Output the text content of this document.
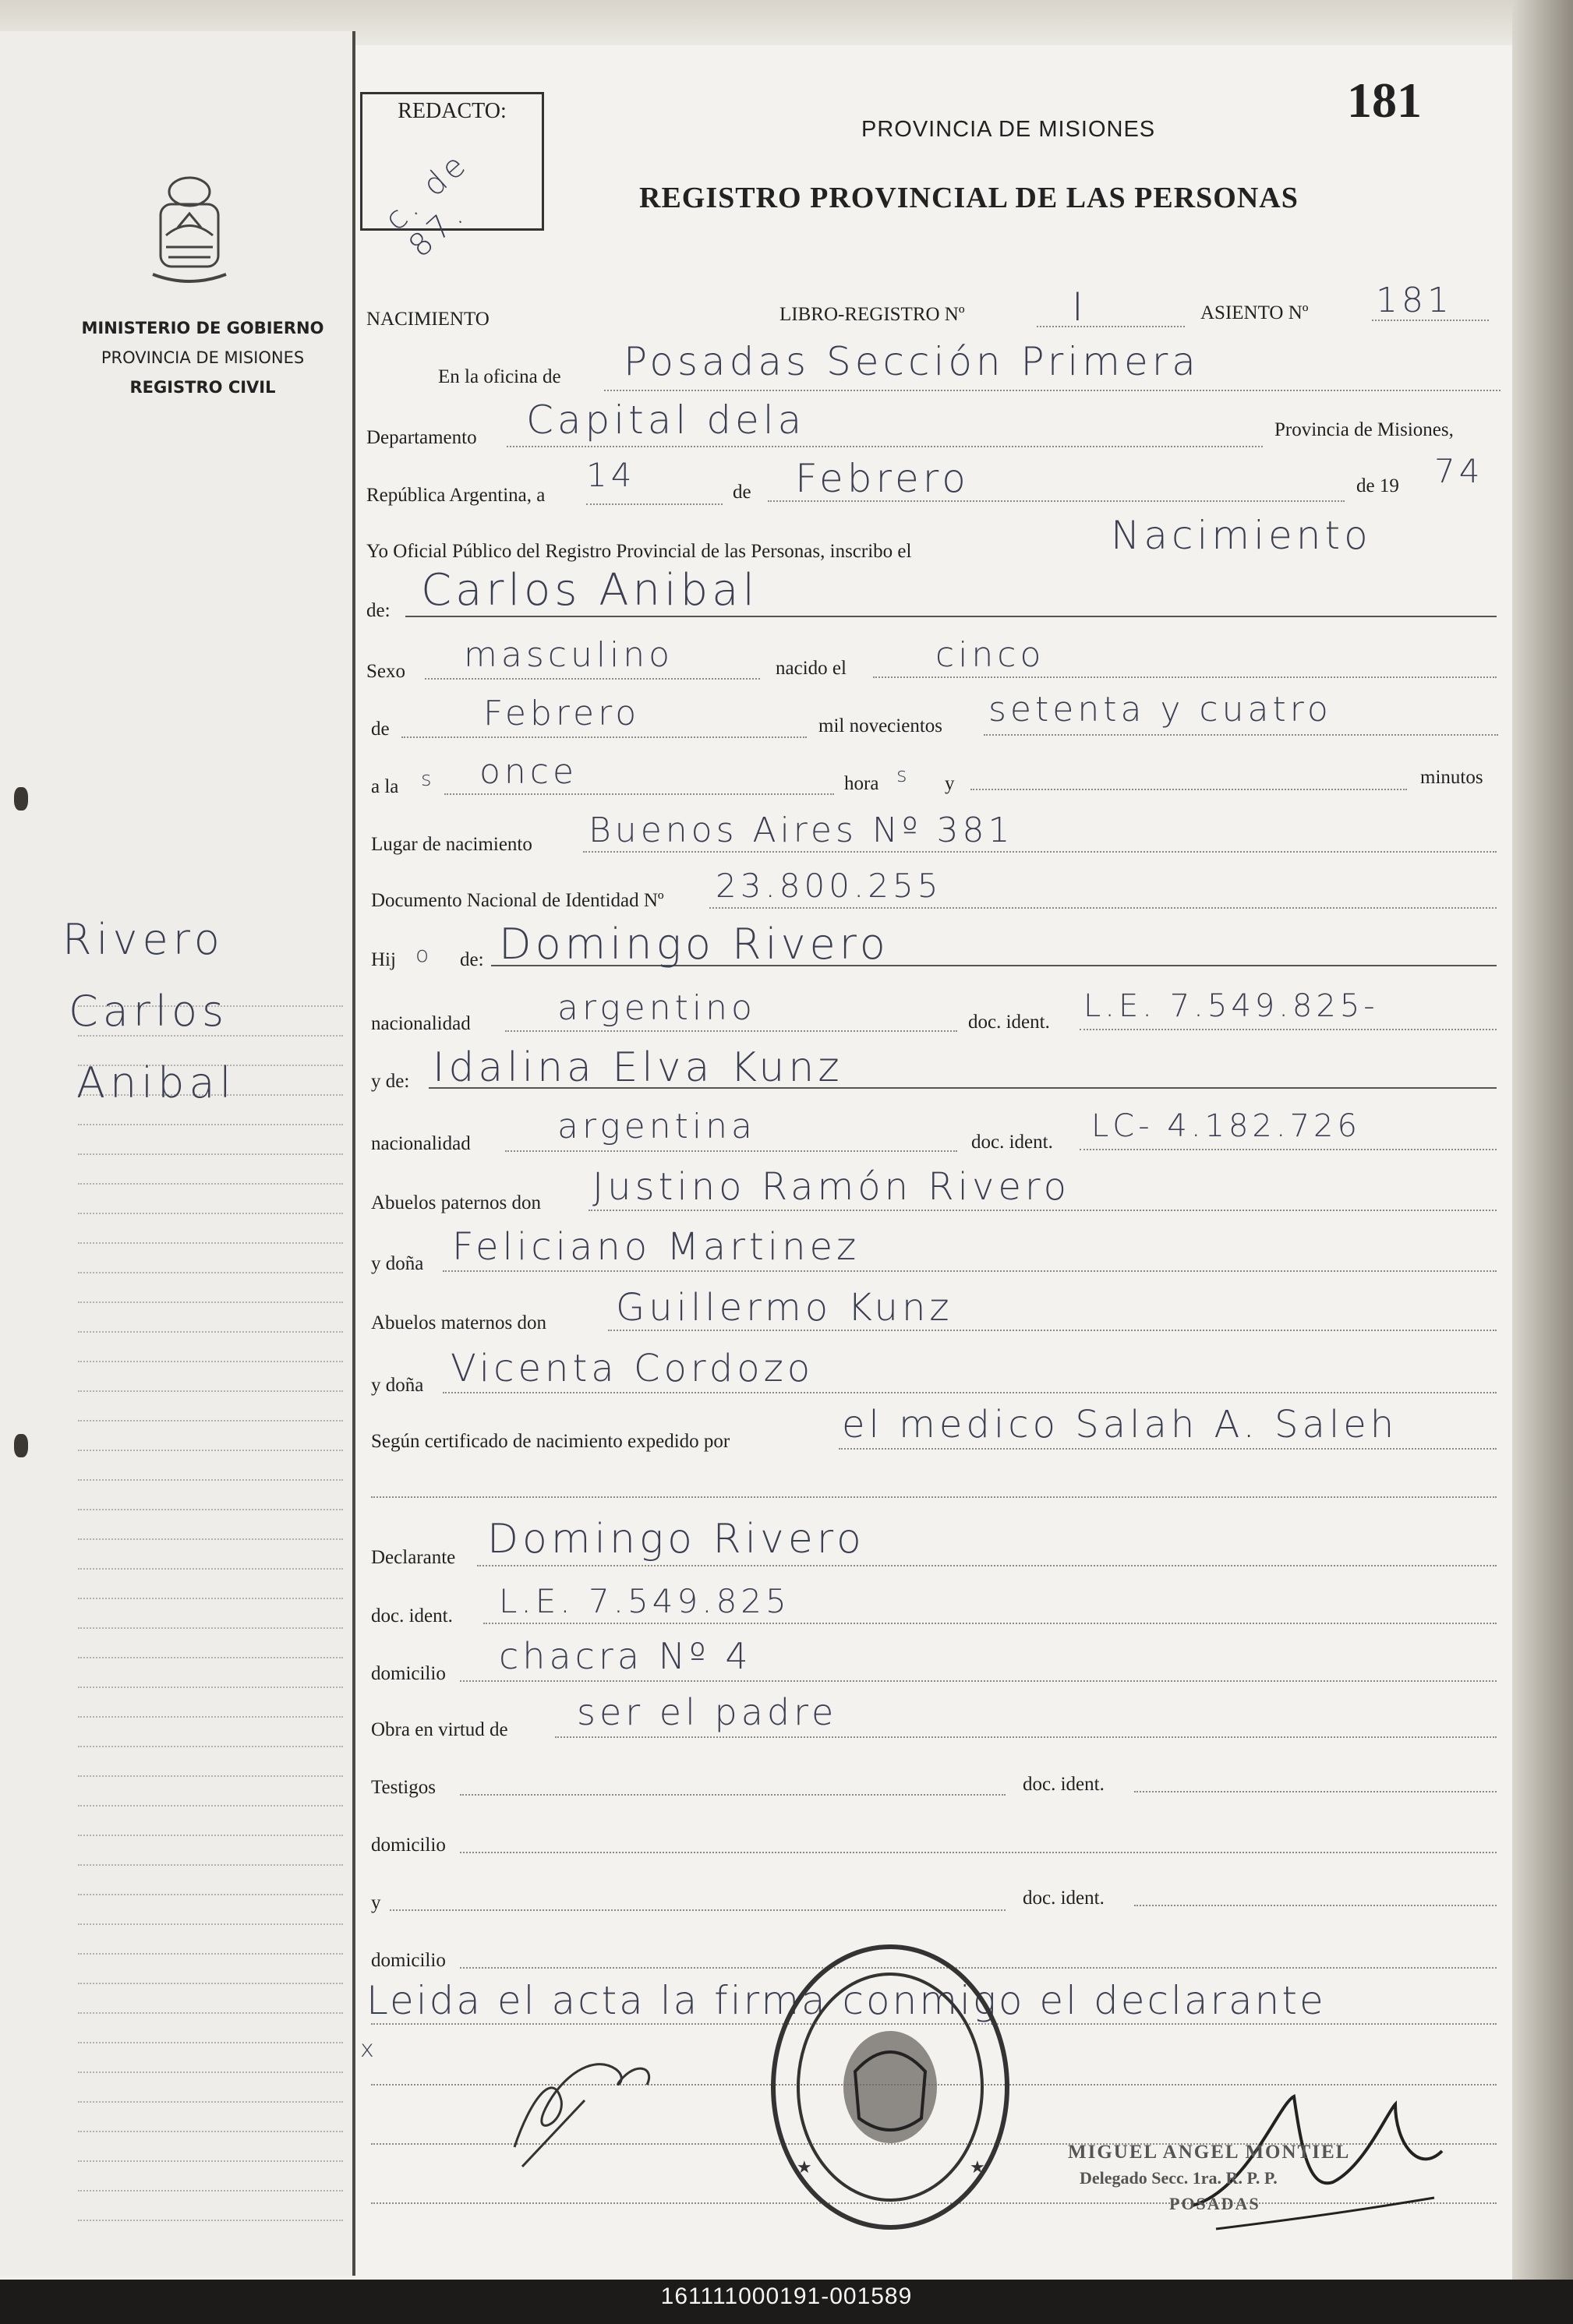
MINISTERIO DE GOBIERNO
PROVINCIA DE MISIONES
REGISTRO CIVIL
Rivero
Carlos
Anibal
REDACTO:
c. de 87.
PROVINCIA DE MISIONES
REGISTRO PROVINCIAL DE LAS PERSONAS
181
NACIMIENTO	LIBRO-REGISTRO Nº	I	ASIENTO Nº 181
En la oficina de Posadas Sección Primera
Departamento Capital dela	Provincia de Misiones,
República Argentina, a
14	de Febrero	de 19 74
Yo Oficial Público del Registro Provincial de las Personas, inscribo el	Nacimiento
de: Carlos Anibal
Sexo masculino	nacido el	cinco
de	Febrero	mil novecientos setenta y cuatro
a la s once	hora s y	minutos
Lugar de nacimiento Buenos Aires Nº 381
Documento Nacional de Identidad Nº 23.800.255
Hij o de: Domingo Rivero
nacionalidad	argentino	doc. ident. L.E. 7.549.825-
y de: Idalina Elva Kunz
nacionalidad	argentina	doc. ident. LC- 4.182.726
Abuelos paternos don Justino Ramón Rivero
y doña Feliciano Martinez
Abuelos maternos don Guillermo Kunz
y doña Vicenta Cordozo
Según certificado de nacimiento expedido por	el medico Salah A. Saleh
Declarante Domingo Rivero
doc. ident. L.E. 7.549.825
domicilio chacra Nº 4
Obra en virtud de ser el padre
Testigos	doc. ident.
domicilio
y	doc. ident.
domicilio
Leida el acta la firma conmigo el declarante
x
★	★
MIGUEL ANGEL MONTIEL
Delegado Secc. 1ra. R. P. P.
POSADAS
161111000191-001589
